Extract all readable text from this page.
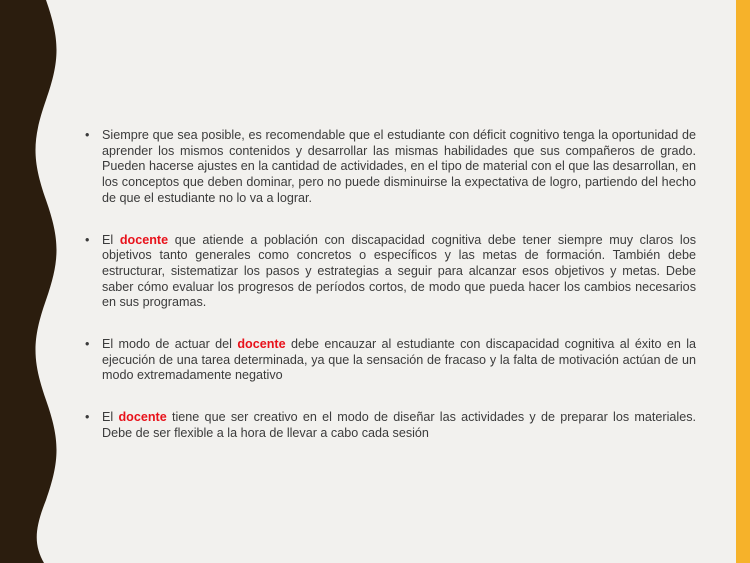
• Siempre que sea posible, es recomendable que el estudiante con déficit cognitivo tenga la oportunidad de aprender los mismos contenidos y desarrollar las mismas habilidades que sus compañeros de grado. Pueden hacerse ajustes en la cantidad de actividades, en el tipo de material con el que las desarrollan, en los conceptos que deben dominar, pero no puede disminuirse la expectativa de logro, partiendo del hecho de que el estudiante no lo va a lograr.
• El docente que atiende a población con discapacidad cognitiva debe tener siempre muy claros los objetivos tanto generales como concretos o específicos y las metas de formación. También debe estructurar, sistematizar los pasos y estrategias a seguir para alcanzar esos objetivos y metas. Debe saber cómo evaluar los progresos de períodos cortos, de modo que pueda hacer los cambios necesarios en sus programas.
• El modo de actuar del docente debe encauzar al estudiante con discapacidad cognitiva al éxito en la ejecución de una tarea determinada, ya que la sensación de fracaso y la falta de motivación actúan de un modo extremadamente negativo
• El docente tiene que ser creativo en el modo de diseñar las actividades y de preparar los materiales. Debe de ser flexible a la hora de llevar a cabo cada sesión
